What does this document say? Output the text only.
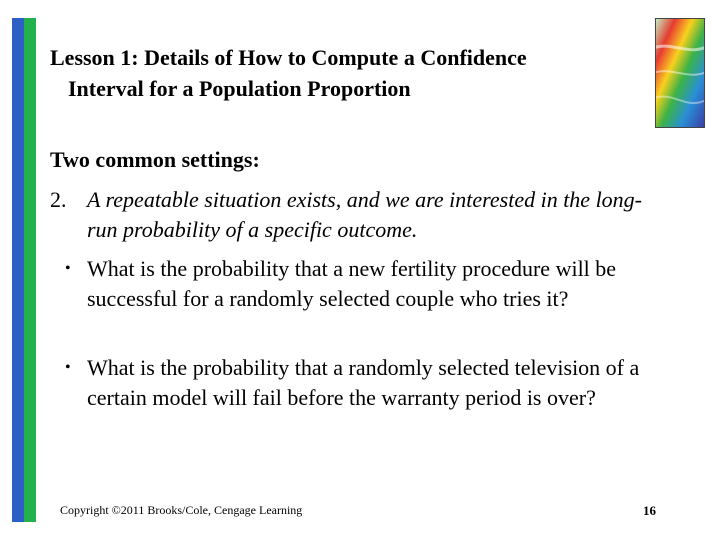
Lesson 1: Details of How to Compute a Confidence
Interval for a Population Proportion
Two common settings:
2. A repeatable situation exists, and we are interested in the long-run probability of a specific outcome.
• What is the probability that a new fertility procedure will be successful for a randomly selected couple who tries it?
• What is the probability that a randomly selected television of a certain model will fail before the warranty period is over?
Copyright ©2011 Brooks/Cole, Cengage Learning	16
